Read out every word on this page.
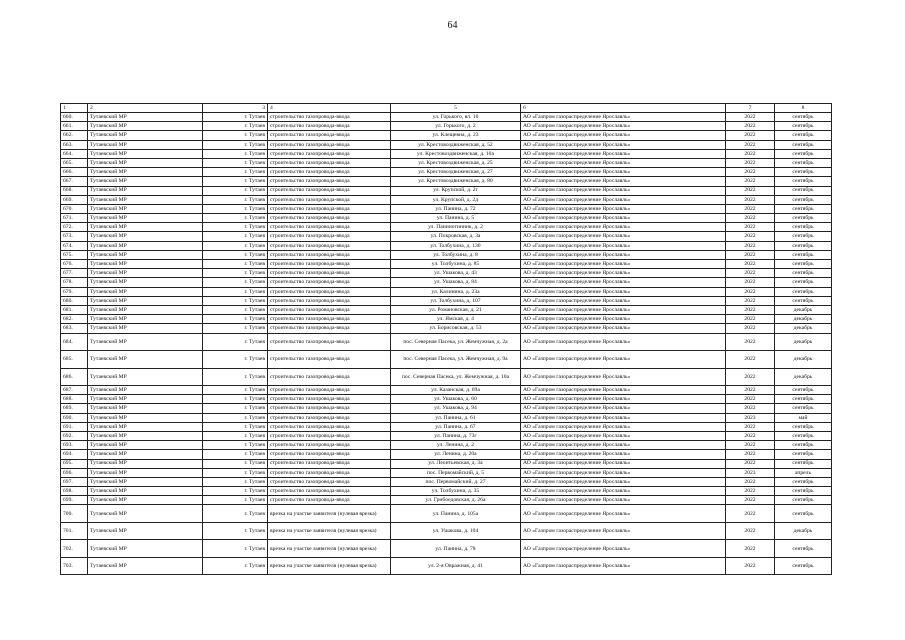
64
1	2	3	4	5	6	7	8
660.	Тутаевский МР	г. Тутаев	строительство газопровода-ввода	ул. Горького, вл. 10	АО «Газпром газораспределение Ярославль»	2022	сентябрь
661.	Тутаевский МР	г. Тутаев	строительство газопровода-ввода	ул. Горького, д. 2	АО «Газпром газораспределение Ярославль»	2022	сентябрь
662.	Тутаевский МР	г. Тутаев	строительство газопровода-ввода	ул. Клещевна, д. 23	АО «Газпром газораспределение Ярославль»	2022	сентябрь
663.	Тутаевский МР	г. Тутаев	строительство газопровода-ввода	ул. Крестовоздвиженская, д. 52	АО «Газпром газораспределение Ярославль»	2022	сентябрь
664.	Тутаевский МР	г. Тутаев	строительство газопровода-ввода	ул. Крестовоздвиженская, д. 10а	АО «Газпром газораспределение Ярославль»	2022	сентябрь
665.	Тутаевский МР	г. Тутаев	строительство газопровода-ввода	ул. Крестовоздвиженская, д. 25	АО «Газпром газораспределение Ярославль»	2022	сентябрь
666.	Тутаевский МР	г. Тутаев	строительство газопровода-ввода	ул. Крестовоздвиженская, д. 27	АО «Газпром газораспределение Ярославль»	2022	сентябрь
667.	Тутаевский МР	г. Тутаев	строительство газопровода-ввода	ул. Крестовоздвиженская, д. 80	АО «Газпром газораспределение Ярославль»	2022	сентябрь
668.	Тутаевский МР	г. Тутаев	строительство газопровода-ввода	ул. Крупской, д. 2г	АО «Газпром газораспределение Ярославль»	2022	сентябрь
669.	Тутаевский МР	г. Тутаев	строительство газопровода-ввода	ул. Крупской, д. 2д	АО «Газпром газораспределение Ярославль»	2022	сентябрь
670.	Тутаевский МР	г. Тутаев	строительство газопровода-ввода	ул. Панина, д. 72	АО «Газпром газораспределение Ярославль»	2022	сентябрь
671.	Тутаевский МР	г. Тутаев	строительство газопровода-ввода	ул. Панина, д. 5	АО «Газпром газораспределение Ярославль»	2022	сентябрь
672.	Тутаевский МР	г. Тутаев	строительство газопровода-ввода	ул. Панинотинник, д. 2	АО «Газпром газораспределение Ярославль»	2022	сентябрь
673.	Тутаевский МР	г. Тутаев	строительство газопровода-ввода	ул. Покровская, д. 3а	АО «Газпром газораспределение Ярославль»	2022	сентябрь
674.	Тутаевский МР	г. Тутаев	строительство газопровода-ввода	ул. Толбухина, д. 130	АО «Газпром газораспределение Ярославль»	2022	сентябрь
675.	Тутаевский МР	г. Тутаев	строительство газопровода-ввода	ул. Толбухина, д. 8	АО «Газпром газораспределение Ярославль»	2022	сентябрь
676.	Тутаевский МР	г. Тутаев	строительство газопровода-ввода	ул. Толбухина, д. 85	АО «Газпром газораспределение Ярославль»	2022	сентябрь
677.	Тутаевский МР	г. Тутаев	строительство газопровода-ввода	ул. Ушакова, д. 43	АО «Газпром газораспределение Ярославль»	2022	сентябрь
678.	Тутаевский МР	г. Тутаев	строительство газопровода-ввода	ул. Ушакова, д. 84	АО «Газпром газораспределение Ярославль»	2022	сентябрь
679.	Тутаевский МР	г. Тутаев	строительство газопровода-ввода	ул. Калинина, д. 23а	АО «Газпром газораспределение Ярославль»	2022	сентябрь
680.	Тутаевский МР	г. Тутаев	строительство газопровода-ввода	ул. Толбухина, д. 107	АО «Газпром газораспределение Ярославль»	2022	сентябрь
681.	Тутаевский МР	г. Тутаев	строительство газопровода-ввода	ул. Романовская, д. 21	АО «Газпром газораспределение Ярославль»	2022	декабрь
682.	Тутаевский МР	г. Тутаев	строительство газопровода-ввода	ул. Ямская, д. 4	АО «Газпром газораспределение Ярославль»	2022	декабрь
683.	Тутаевский МР	г. Тутаев	строительство газопровода-ввода	ул. Борисовская, д. 53	АО «Газпром газораспределение Ярославль»	2022	декабрь
684.	Тутаевский МР	г. Тутаев	строительство газопровода-ввода	пос. Северная Пасека, ул. Жемчужная, д. 2а	АО «Газпром газораспределение Ярославль»	2022	декабрь
685.	Тутаевский МР	г. Тутаев	строительство газопровода-ввода	пос. Северная Пасека, ул. Жемчужная, д. 9а	АО «Газпром газораспределение Ярославль»	2022	декабрь
686.	Тутаевский МР	г. Тутаев	строительство газопровода-ввода	пос. Северная Пасека, ул. Жемчужная, д. 10а	АО «Газпром газораспределение Ярославль»	2022	декабрь
687.	Тутаевский МР	г. Тутаев	строительство газопровода-ввода	ул. Казанская, д. 69а	АО «Газпром газораспределение Ярославль»	2022	сентябрь
688.	Тутаевский МР	г. Тутаев	строительство газопровода-ввода	ул. Ушакова, д. 60	АО «Газпром газораспределение Ярославль»	2022	сентябрь
689.	Тутаевский МР	г. Тутаев	строительство газопровода-ввода	ул. Ушакова, д. 94	АО «Газпром газораспределение Ярославль»	2022	сентябрь
690.	Тутаевский МР	г. Тутаев	строительство газопровода-ввода	ул. Панина, д. 61	АО «Газпром газораспределение Ярославль»	2023	май
691.	Тутаевский МР	г. Тутаев	строительство газопровода-ввода	ул. Панина, д. 67	АО «Газпром газораспределение Ярославль»	2022	сентябрь
692.	Тутаевский МР	г. Тутаев	строительство газопровода-ввода	ул. Панина, д. 73г	АО «Газпром газораспределение Ярославль»	2022	сентябрь
693.	Тутаевский МР	г. Тутаев	строительство газопровода-ввода	ул. Ленина, д. 2	АО «Газпром газораспределение Ярославль»	2022	сентябрь
694.	Тутаевский МР	г. Тутаев	строительство газопровода-ввода	ул. Ленина, д. 20а	АО «Газпром газораспределение Ярославль»	2022	сентябрь
695.	Тутаевский МР	г. Тутаев	строительство газопровода-ввода	ул. Леонтьевская, д. 3а	АО «Газпром газораспределение Ярославль»	2022	сентябрь
696.	Тутаевский МР	г. Тутаев	строительство газопровода-ввода	пос. Первомайский, д. 5	АО «Газпром газораспределение Ярославль»	2023	апрель
697.	Тутаевский МР	г. Тутаев	строительство газопровода-ввода	пос. Первомайский, д. 27	АО «Газпром газораспределение Ярославль»	2022	сентябрь
698.	Тутаевский МР	г. Тутаев	строительство газопровода-ввода	ул. Толбухина, д. 35	АО «Газпром газораспределение Ярославль»	2022	сентябрь
699.	Тутаевский МР	г. Тутаев	строительство газопровода-ввода	ул. Грибоедовская, д. 26а	АО «Газпром газораспределение Ярославль»	2022	сентябрь
700.	Тутаевский МР	г. Тутаев	врезка на участке заявителя (нулевая врезка)	ул. Панина, д. 105а	АО «Газпром газораспределение Ярославль»	2022	сентябрь
701.	Тутаевский МР	г. Тутаев	врезка на участке заявителя (нулевая врезка)	ул. Ушакова, д. 104	АО «Газпром газораспределение Ярославль»	2022	декабрь
702.	Тутаевский МР	г. Тутаев	врезка на участке заявителя (нулевая врезка)	ул. Панина, д. 78	АО «Газпром газораспределение Ярославль»	2022	сентябрь
703.	Тутаевский МР	г. Тутаев	врезка на участке заявителя (нулевая врезка)	ул. 2-я Овражная, д. 41	АО «Газпром газораспределение Ярославль»	2022	сентябрь
